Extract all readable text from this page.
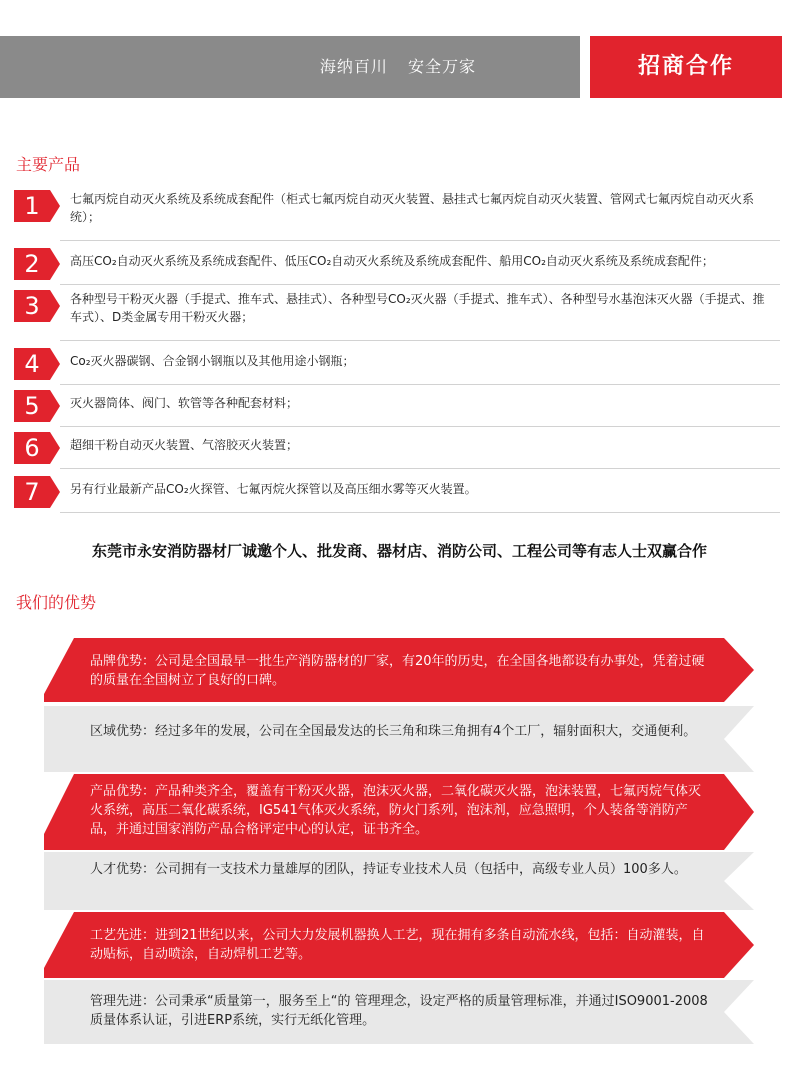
海纳百川 安全万家	招商合作
主要产品
1	七氟丙烷自动灭火系统及系统成套配件（柜式七氟丙烷自动灭火装置、悬挂式七氟丙烷自动灭火装置、管网式七氟丙烷自动灭火系统）；
2	高压CO₂自动灭火系统及系统成套配件、低压CO₂自动灭火系统及系统成套配件、船用CO₂自动灭火系统及系统成套配件；
3	各种型号干粉灭火器（手提式、推车式、悬挂式）、各种型号CO₂灭火器（手提式、推车式）、各种型号水基泡沫灭火器（手提式、推车式）、D类金属专用干粉灭火器；
4	Co₂灭火器碳钢、合金钢小钢瓶以及其他用途小钢瓶；
5	灭火器筒体、阀门、软管等各种配套材料；
6	超细干粉自动灭火装置、气溶胶灭火装置；
7	另有行业最新产品CO₂火探管、七氟丙烷火探管以及高压细水雾等灭火装置。
东莞市永安消防器材厂诚邀个人、批发商、器材店、消防公司、工程公司等有志人士双赢合作
我们的优势
品牌优势：公司是全国最早一批生产消防器材的厂家，有20年的历史，在全国各地都设有办事处，凭着过硬的质量在全国树立了良好的口碑。
区域优势：经过多年的发展，公司在全国最发达的长三角和珠三角拥有4个工厂，辐射面积大，交通便利。
产品优势：产品种类齐全，覆盖有干粉灭火器，泡沫灭火器，二氧化碳灭火器，泡沫装置，七氟丙烷气体灭火系统，高压二氧化碳系统，IG541气体灭火系统，防火门系列，泡沫剂，应急照明，个人装备等消防产品，并通过国家消防产品合格评定中心的认定，证书齐全。
人才优势：公司拥有一支技术力量雄厚的团队，持证专业技术人员（包括中，高级专业人员）100多人。
工艺先进：进到21世纪以来，公司大力发展机器换人工艺，现在拥有多条自动流水线，包括：自动灌装，自动贴标，自动喷涂，自动焊机工艺等。
管理先进：公司秉承“质量第一，服务至上“的 管理理念，设定严格的质量管理标准，并通过ISO9001-2008质量体系认证，引进ERP系统，实行无纸化管理。
